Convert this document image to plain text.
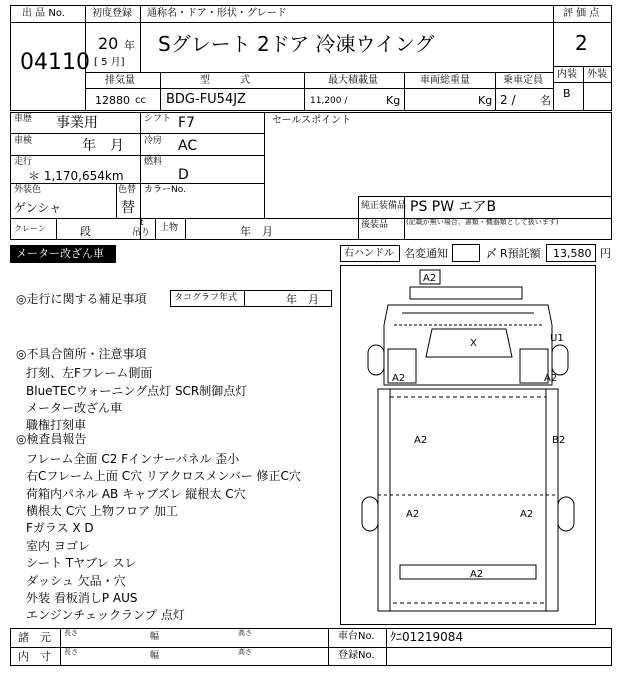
出 品 No.
04110
初度登録 通称名・ドア・形状・グレード
20 年
[ 5 月]
Sグレート 2ドア 冷凍ウイング
評 価 点
2
内装 外装
B
排気量	型　　　式	最大積載量	車両総重量	乗車定員
12880 cc BDG-FU54JZ	11,200 /	Kg	Kg 2 / 名
車歴 事業用	シフト F7
車検	年　月 冷房 AC
走行
＊ 1,170,654km
燃料
D
外装色
ゲンシャ
色替
替
カラーNo.
セールスポイント
純正装備品 PS PW エアB
後装品	(記載が無い場合、書類・機器類として扱います)
クレーン	段
t
吊り 上物	年　月
メーター改ざん車	右ハンドル 名変通知	〆 R預託額 13,580 円
◎走行に関する補足事項	タコグラフ年式	年　月
◎不具合箇所・注意事項
打刻、左Fフレーム側面
BlueTECウォーニング点灯 SCR制御点灯
メーター改ざん車
職権打刻車
◎検査員報告
フレーム全面 C2 Fインナーパネル 歪小
右Cフレーム上面 C穴 リアクロスメンバー 修正C穴
荷箱内パネル AB キャブズレ 縦根太 C穴
横根太 C穴 上物フロア 加工
Fガラス X D
室内 ヨゴレ
シート Tヤブレ スレ
ダッシュ 欠品・穴
外装 看板消しP AUS
エンジンチェックランプ 点灯
A2
X	U1
A2	A2
A2	B2
A2	A2
A2
諸　元
内　寸
長さ	幅	高さ
長さ	幅	高さ
車台No. ｸﾆ01219084
登録No.
